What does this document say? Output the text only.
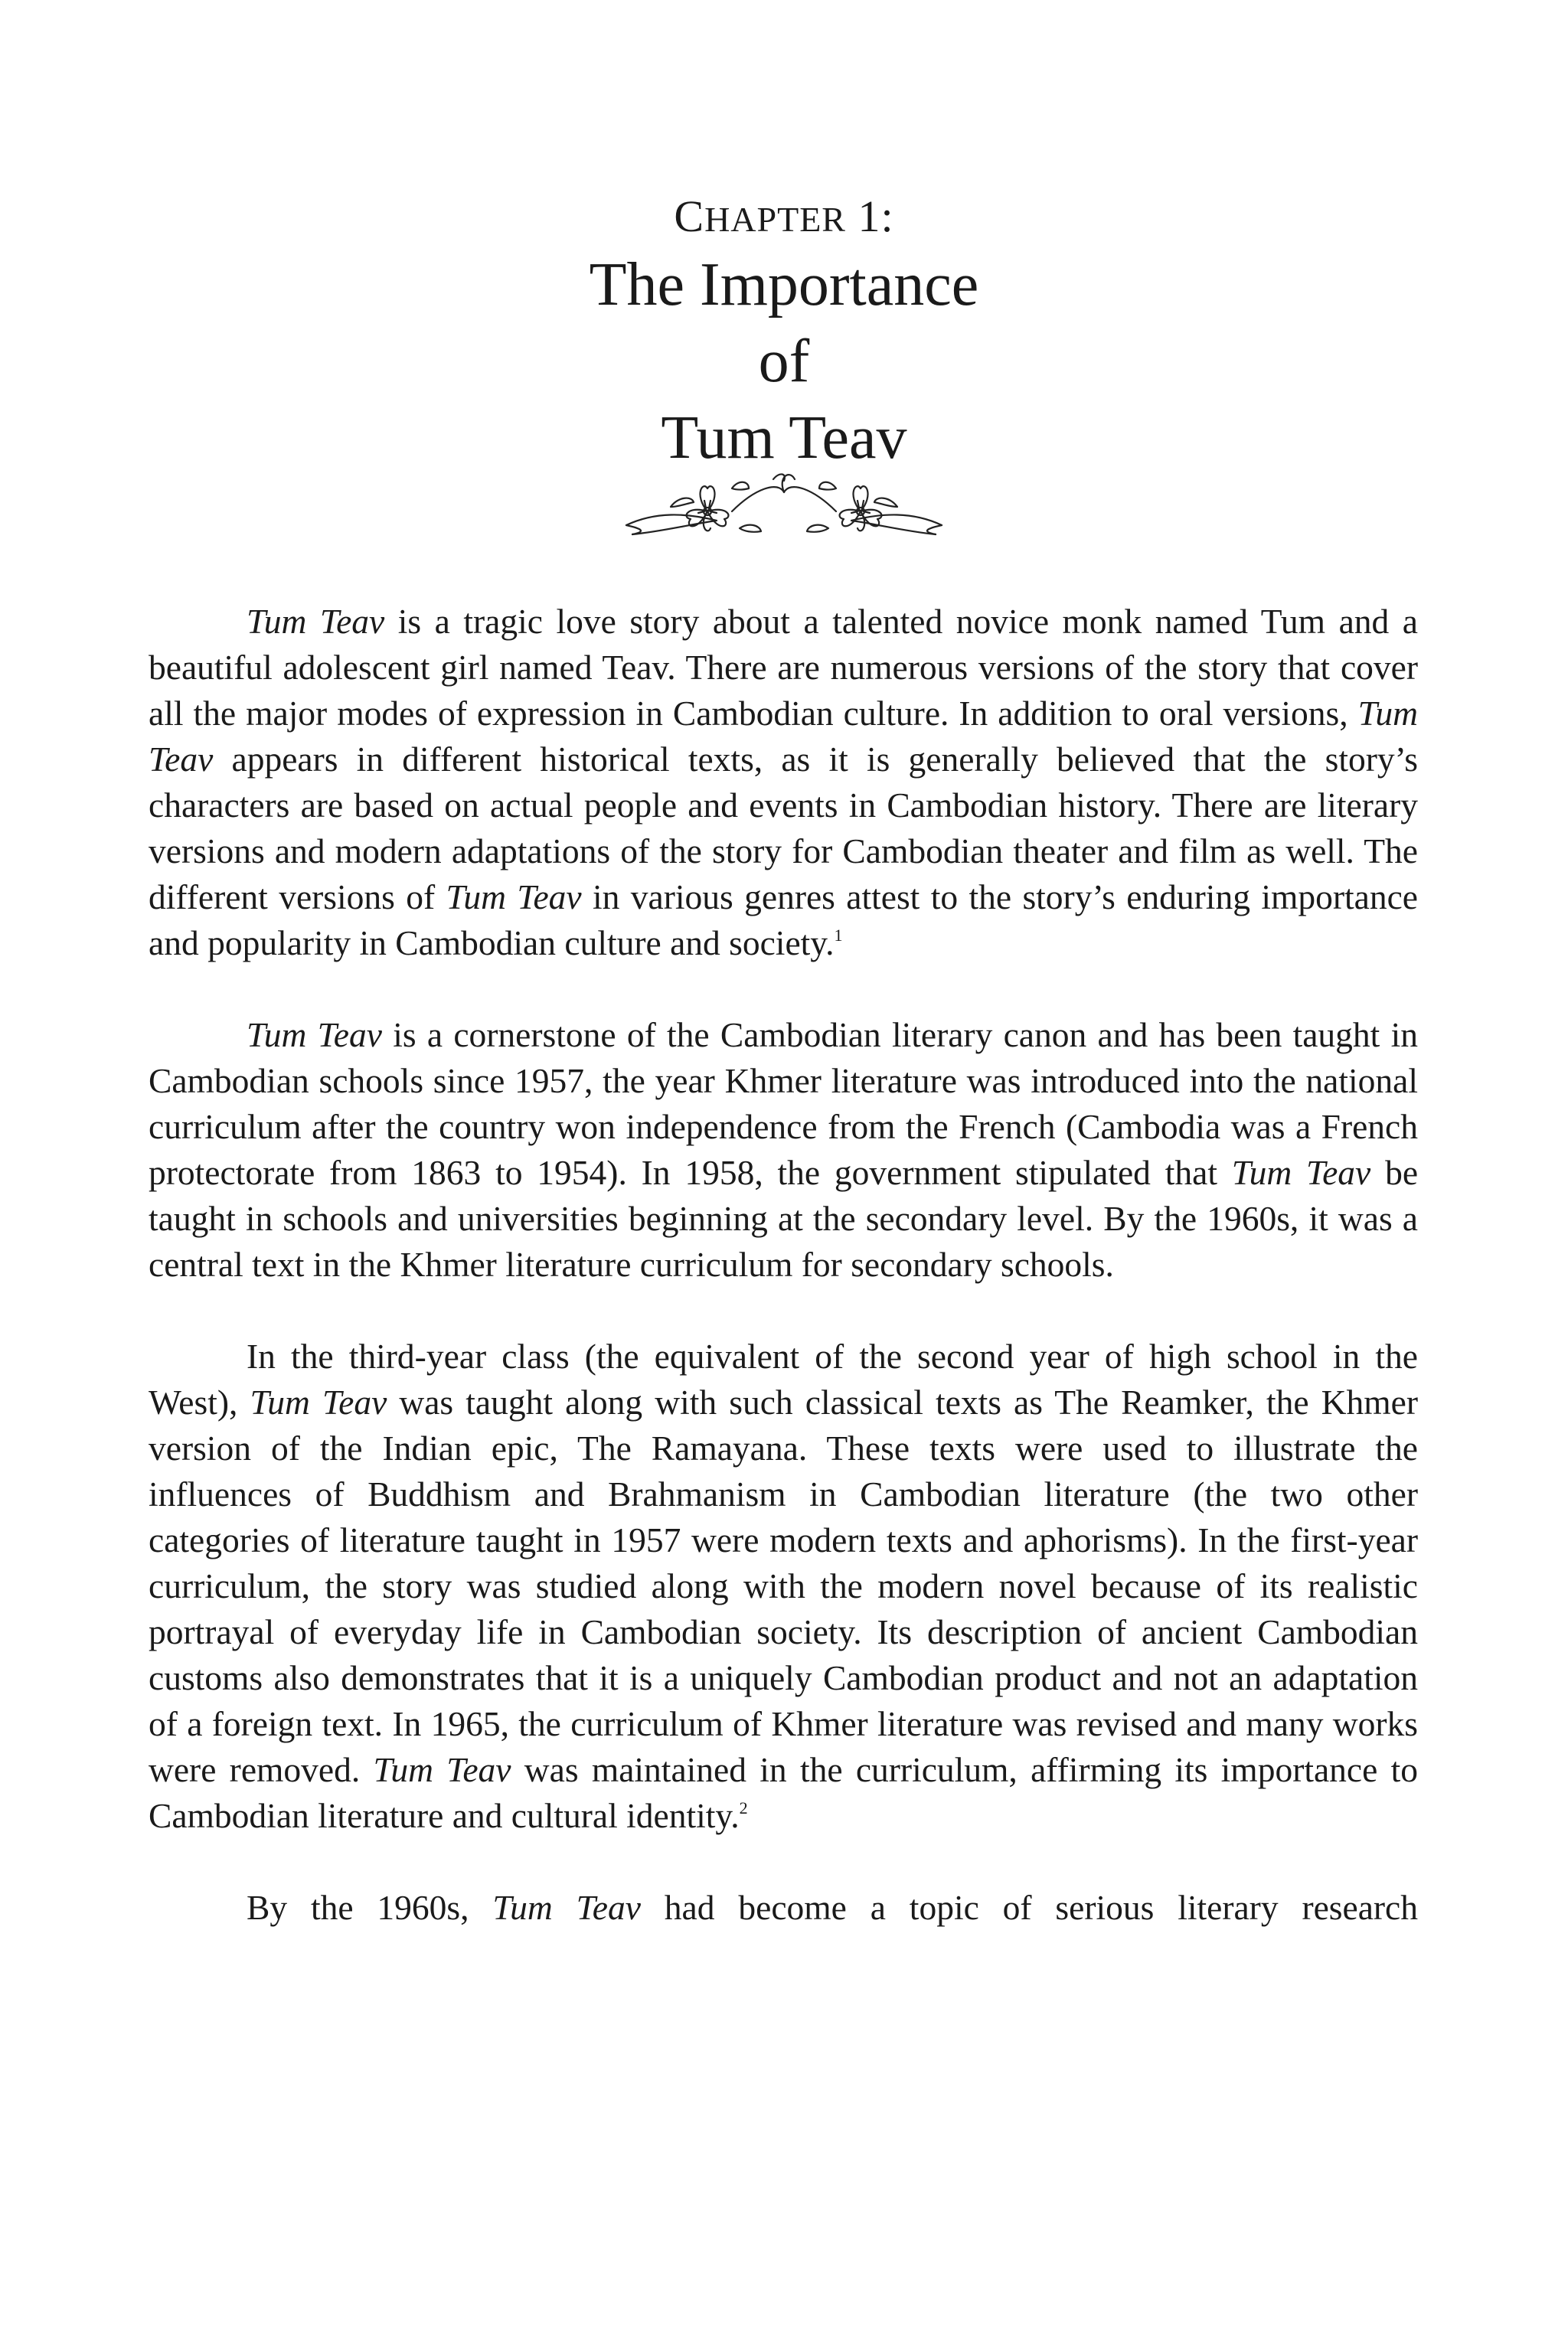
CHAPTER 1:
The Importance
of
Tum Teav

Tum Teav is a tragic love story about a talented novice monk named Tum and a beautiful adolescent girl named Teav. There are numerous versions of the story that cover all the major modes of expression in Cambodian culture. In addition to oral versions, Tum Teav appears in different historical texts, as it is generally believed that the story’s characters are based on actual people and events in Cambodian history. There are literary versions and modern adaptations of the story for Cambodian theater and film as well. The different versions of Tum Teav in various genres attest to the story’s enduring importance and popularity in Cambodian culture and society.$^1$

Tum Teav is a cornerstone of the Cambodian literary canon and has been taught in Cambodian schools since 1957, the year Khmer literature was introduced into the national curriculum after the country won independence from the French (Cambodia was a French protectorate from 1863 to 1954). In 1958, the government stipulated that Tum Teav be taught in schools and universities beginning at the secondary level. By the 1960s, it was a central text in the Khmer literature curriculum for secondary schools.

In the third-year class (the equivalent of the second year of high school in the West), Tum Teav was taught along with such classical texts as The Reamker, the Khmer version of the Indian epic, The Ramayana. These texts were used to illustrate the influences of Buddhism and Brahmanism in Cambodian literature (the two other categories of literature taught in 1957 were modern texts and aphorisms). In the first-year curriculum, the story was studied along with the modern novel because of its realistic portrayal of everyday life in Cambodian society. Its description of ancient Cambodian customs also demonstrates that it is a uniquely Cambodian product and not an adaptation of a foreign text. In 1965, the curriculum of Khmer literature was revised and many works were removed. Tum Teav was maintained in the curriculum, affirming its importance to Cambodian literature and cultural identity.$^2$

By the 1960s, Tum Teav had become a topic of serious literary research
